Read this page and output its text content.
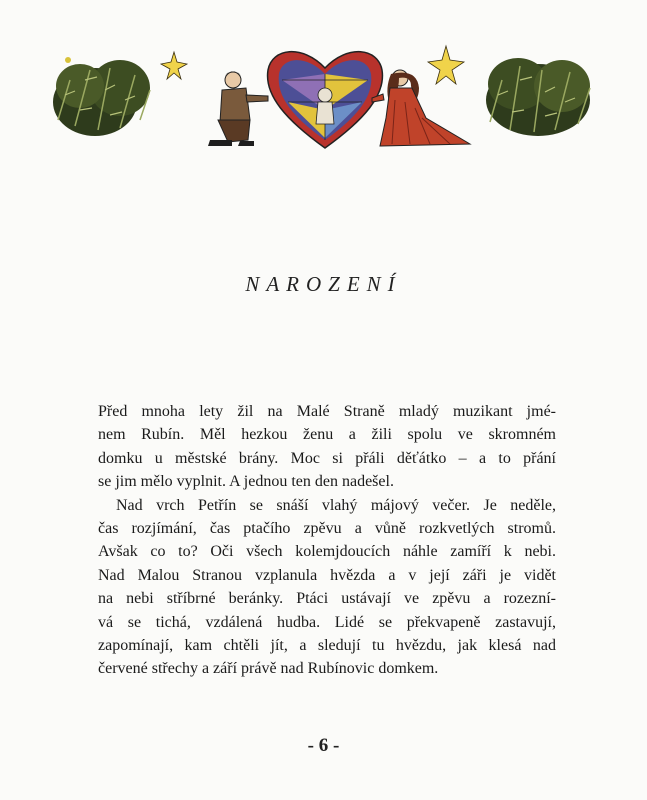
NAROZENÍ

Před mnoha lety žil na Malé Straně mladý muzikant jmé-
nem Rubín. Měl hezkou ženu a žili spolu ve skromném
domku u městské brány. Moc si přáli děťátko – a to přání
se jim mělo vyplnit. A jednou ten den nadešel.

Nad vrch Petřín se snáší vlahý májový večer. Je neděle,
čas rozjímání, čas ptačího zpěvu a vůně rozkvetlých stromů.
Avšak co to? Oči všech kolemjdoucích náhle zamíří k nebi.
Nad Malou Stranou vzplanula hvězda a v její záři je vidět
na nebi stříbrné beránky. Ptáci ustávají ve zpěvu a rozezní-
vá se tichá, vzdálená hudba. Lidé se překvapeně zastavují,
zapomínají, kam chtěli jít, a sledují tu hvězdu, jak klesá nad
červené střechy a září právě nad Rubínovic domkem.

- 6 -
